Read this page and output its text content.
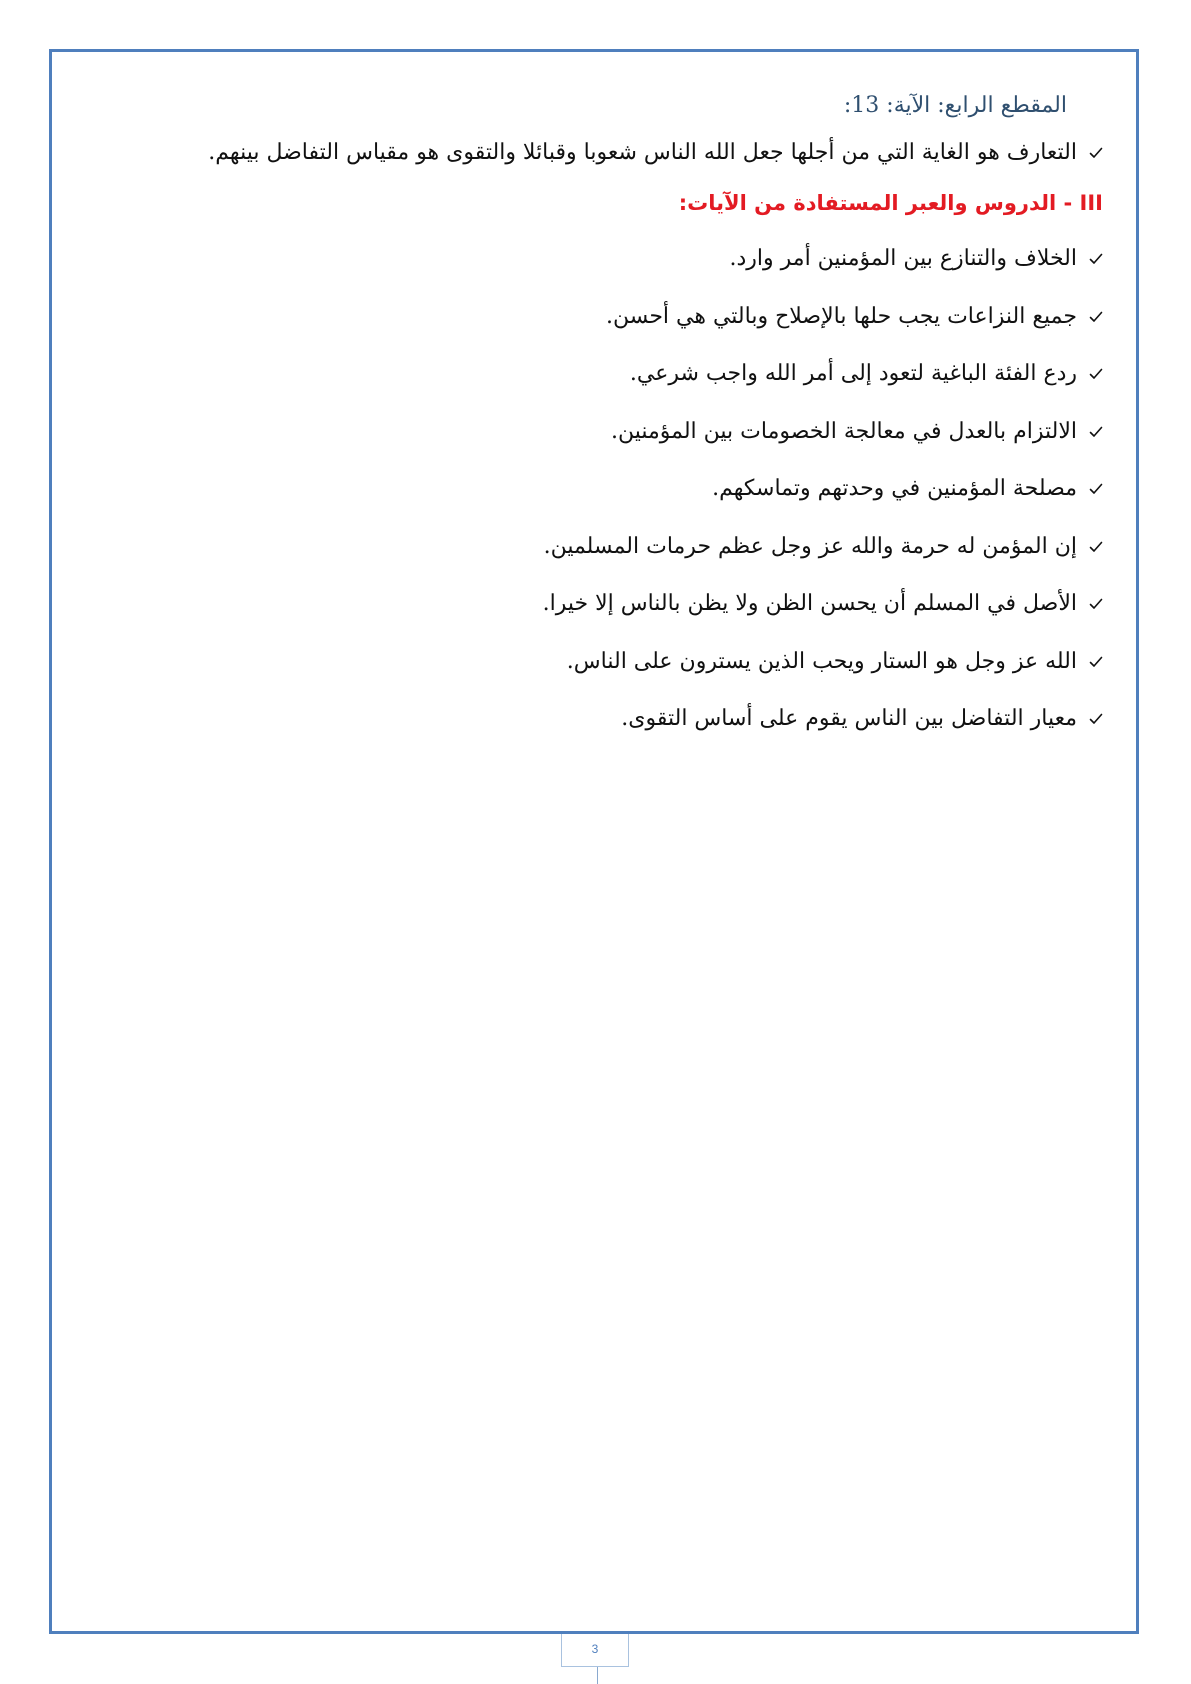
المقطع الرابع: الآية: 13:
التعارف هو الغاية التي من أجلها جعل الله الناس شعوبا وقبائلا والتقوى هو مقياس التفاضل بينهم.
III - الدروس والعبر المستفادة من الآيات:
الخلاف والتنازع بين المؤمنين أمر وارد.
جميع النزاعات يجب حلها بالإصلاح وبالتي هي أحسن.
ردع الفئة الباغية لتعود إلى أمر الله واجب شرعي.
الالتزام بالعدل في معالجة الخصومات بين المؤمنين.
مصلحة المؤمنين في وحدتهم وتماسكهم.
إن المؤمن له حرمة والله عز وجل عظم حرمات المسلمين.
الأصل في المسلم أن يحسن الظن ولا يظن بالناس إلا خيرا.
الله عز وجل هو الستار ويحب الذين يسترون على الناس.
معيار التفاضل بين الناس يقوم على أساس التقوى.
3
